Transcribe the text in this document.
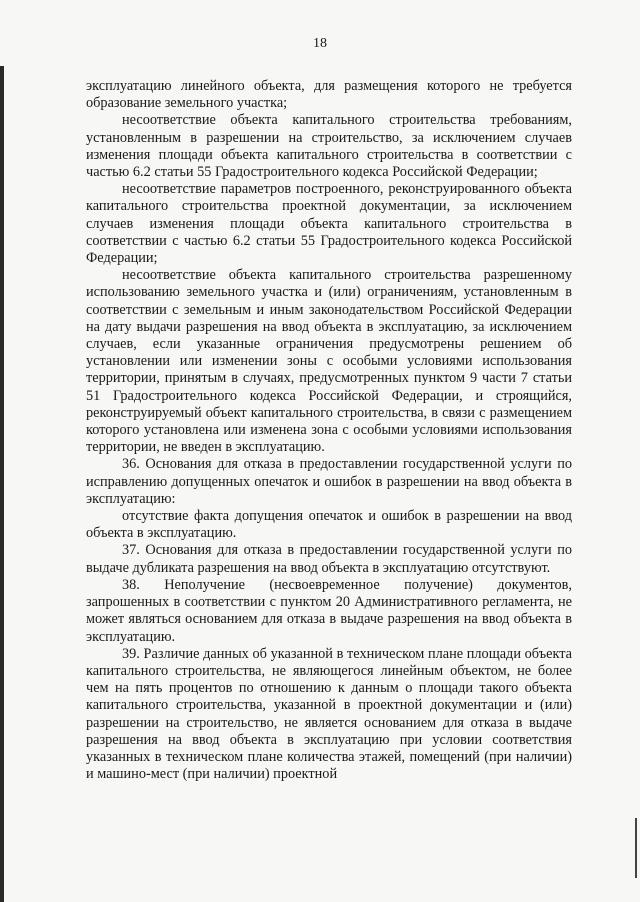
18

эксплуатацию линейного объекта, для размещения которого не требуется образование земельного участка;

несоответствие объекта капитального строительства требованиям, установленным в разрешении на строительство, за исключением случаев изменения площади объекта капитального строительства в соответствии с частью 6.2 статьи 55 Градостроительного кодекса Российской Федерации;

несоответствие параметров построенного, реконструированного объекта капитального строительства проектной документации, за исключением случаев изменения площади объекта капитального строительства в соответствии с частью 6.2 статьи 55 Градостроительного кодекса Российской Федерации;

несоответствие объекта капитального строительства разрешенному использованию земельного участка и (или) ограничениям, установленным в соответствии с земельным и иным законодательством Российской Федерации на дату выдачи разрешения на ввод объекта в эксплуатацию, за исключением случаев, если указанные ограничения предусмотрены решением об установлении или изменении зоны с особыми условиями использования территории, принятым в случаях, предусмотренных пунктом 9 части 7 статьи 51 Градостроительного кодекса Российской Федерации, и строящийся, реконструируемый объект капитального строительства, в связи с размещением которого установлена или изменена зона с особыми условиями использования территории, не введен в эксплуатацию.

36. Основания для отказа в предоставлении государственной услуги по исправлению допущенных опечаток и ошибок в разрешении на ввод объекта в эксплуатацию:

отсутствие факта допущения опечаток и ошибок в разрешении на ввод объекта в эксплуатацию.

37. Основания для отказа в предоставлении государственной услуги по выдаче дубликата разрешения на ввод объекта в эксплуатацию отсутствуют.

38. Неполучение (несвоевременное получение) документов, запрошенных в соответствии с пунктом 20 Административного регламента, не может являться основанием для отказа в выдаче разрешения на ввод объекта в эксплуатацию.

39. Различие данных об указанной в техническом плане площади объекта капитального строительства, не являющегося линейным объектом, не более чем на пять процентов по отношению к данным о площади такого объекта капитального строительства, указанной в проектной документации и (или) разрешении на строительство, не является основанием для отказа в выдаче разрешения на ввод объекта в эксплуатацию при условии соответствия указанных в техническом плане количества этажей, помещений (при наличии) и машино-мест (при наличии) проектной
